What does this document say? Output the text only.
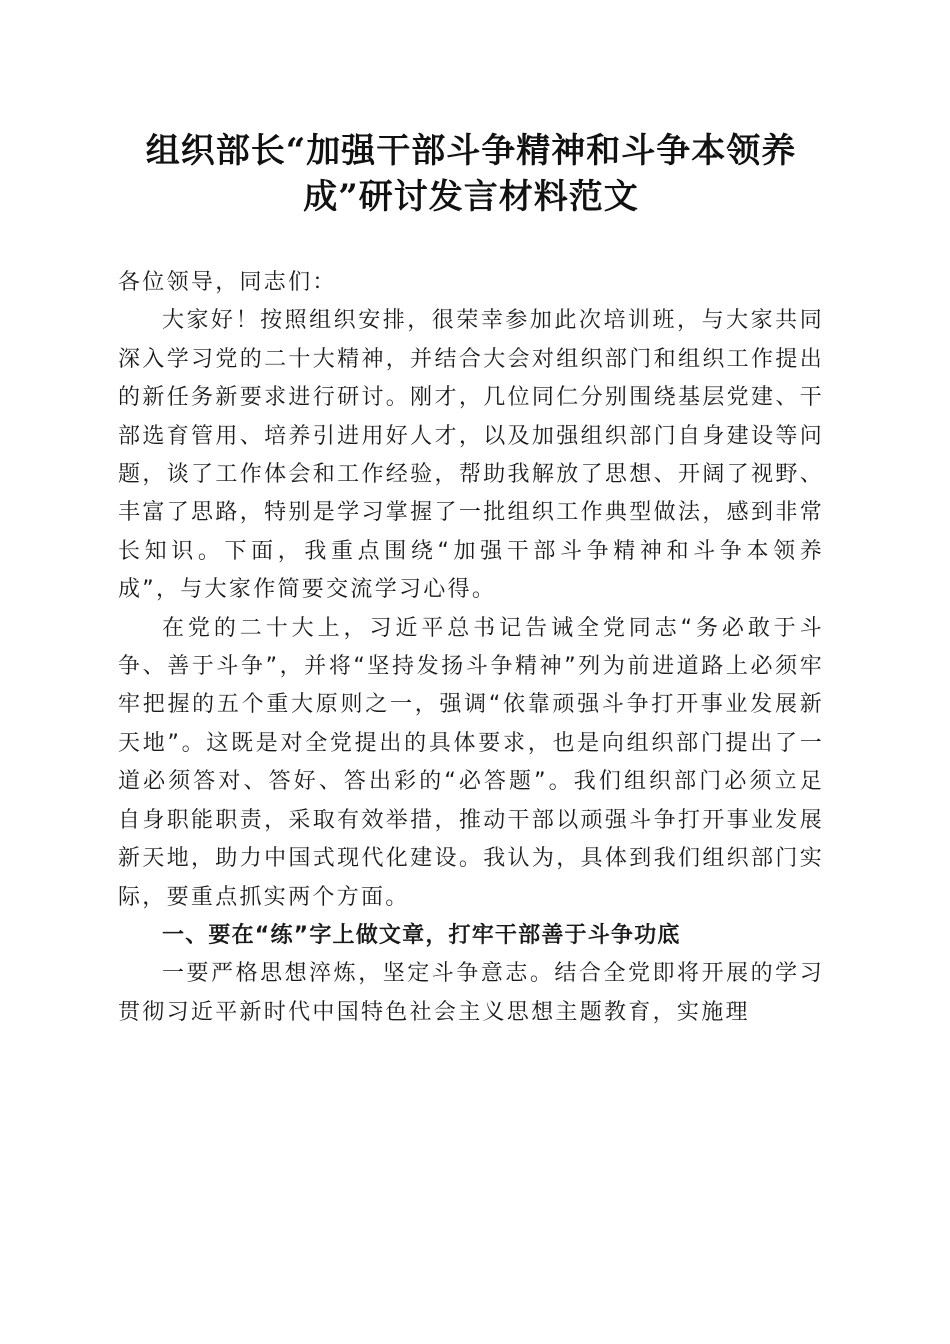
组织部长“加强干部斗争精神和斗争本领养
成”研讨发言材料范文

各位领导，同志们：

大家好！按照组织安排，很荣幸参加此次培训班，与大家共同深入学习党的二十大精神，并结合大会对组织部门和组织工作提出的新任务新要求进行研讨。刚才，几位同仁分别围绕基层党建、干部选育管用、培养引进用好人才，以及加强组织部门自身建设等问题，谈了工作体会和工作经验，帮助我解放了思想、开阔了视野、丰富了思路，特别是学习掌握了一批组织工作典型做法，感到非常长知识。下面，我重点围绕“加强干部斗争精神和斗争本领养成”，与大家作简要交流学习心得。

在党的二十大上，习近平总书记告诫全党同志“务必敢于斗争、善于斗争”，并将“坚持发扬斗争精神”列为前进道路上必须牢牢把握的五个重大原则之一，强调“依靠顽强斗争打开事业发展新天地”。这既是对全党提出的具体要求，也是向组织部门提出了一道必须答对、答好、答出彩的“必答题”。我们组织部门必须立足自身职能职责，采取有效举措，推动干部以顽强斗争打开事业发展新天地，助力中国式现代化建设。我认为，具体到我们组织部门实际，要重点抓实两个方面。

一、要在“练”字上做文章，打牢干部善于斗争功底

一要严格思想淬炼，坚定斗争意志。结合全党即将开展的学习贯彻习近平新时代中国特色社会主义思想主题教育，实施理
